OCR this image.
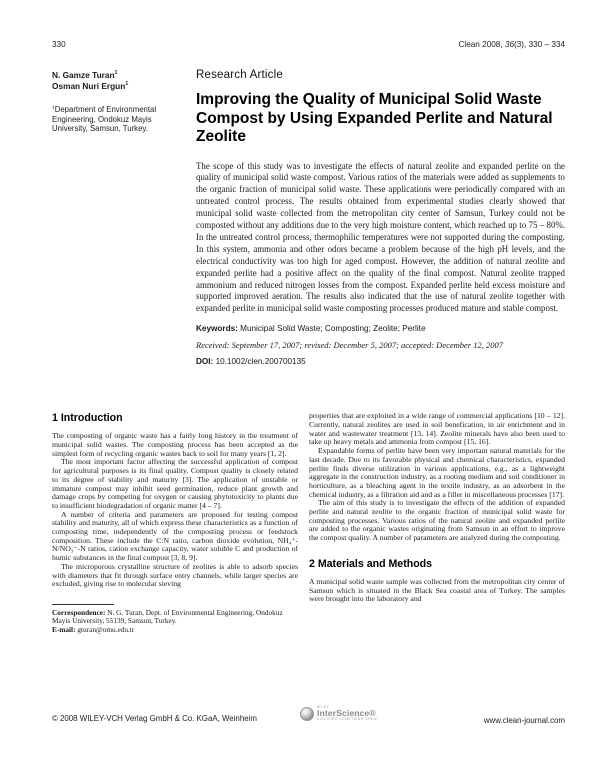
330	Clean 2008, 36(3), 330 – 334

N. Gamze Turan$^1$

Osman Nuri Ergun$^1$

$^1$Department of Environmental Engineering, Ondokuz Mayis University, Samsun, Turkey.

Research Article
Improving the Quality of Municipal Solid Waste Compost by Using Expanded Perlite and Natural Zeolite

The scope of this study was to investigate the effects of natural zeolite and expanded perlite on the quality of municipal solid waste compost. Various ratios of the materials were added as supplements to the organic fraction of municipal solid waste. These applications were periodically compared with an untreated control process. The results obtained from experimental studies clearly showed that municipal solid waste collected from the metropolitan city center of Samsun, Turkey could not be composted without any additions due to the very high moisture content, which reached up to 75 – 80%. In the untreated control process, thermophilic temperatures were not supported during the composting. In this system, ammonia and other odors became a problem because of the high pH levels, and the electrical conductivity was too high for aged compost. However, the addition of natural zeolite and expanded perlite had a positive affect on the quality of the final compost. Natural zeolite trapped ammonium and reduced nitrogen losses from the compost. Expanded perlite held excess moisture and supported improved aeration. The results also indicated that the use of natural zeolite together with expanded perlite in municipal solid waste composting processes produced mature and stable compost.

Keywords: Municipal Solid Waste; Composting; Zeolite; Perlite

Received: September 17, 2007; revised: December 5, 2007; accepted: December 12, 2007

DOI: 10.1002/clen.200700135

1 Introduction

The composting of organic waste has a fairly long history in the treatment of municipal solid wastes. The composting process has been accepted as the simplest form of recycling organic wastes back to soil for many years [1, 2].

The most important factor affecting the successful application of compost for agricultural purposes is its final quality. Compost quality is closely related to its degree of stability and maturity [3]. The application of unstable or immature compost may inhibit seed germination, reduce plant growth and damage crops by competing for oxygen or causing phytotoxicity to plants due to insufficient biodegradation of organic matter [4 – 7].

A number of criteria and parameters are proposed for testing compost stability and maturity, all of which express these characteristics as a function of composting time, independently of the composting process or feedstock composition. These include the C:N ratio, carbon dioxide evolution, NH₄⁺-N/NO₃⁻-N ratios, cation exchange capacity, water soluble C and production of humic substances in the final compost [3, 8, 9].

The microporous crystalline structure of zeolites is able to adsorb species with diameters that fit through surface entry channels, while larger species are excluded, giving rise to molecular sieving

Correspondence: N. G. Turan, Dept. of Environmental Engineering, Ondokuz Mayis University, 55139, Samsun, Turkey.

E-mail: gturan@omu.edu.tr

properties that are exploited in a wide range of commercial applications [10 – 12]. Currently, natural zeolites are used in soil benefication, in air enrichment and in water and wastewater treatment [13, 14]. Zeolite minerals have also been used to take up heavy metals and ammonia from compost [15, 16].

Expandable forms of perlite have been very important natural materials for the last decade. Due to its favorable physical and chemical characteristics, expanded perlite finds diverse utilization in various applications, e.g., as a lightweight aggregate in the construction industry, as a rooting medium and soil conditioner in horticulture, as a bleaching agent in the textile industry, as an adsorbent in the chemical industry, as a filtration aid and as a filler in miscellaneous processes [17].

The aim of this study is to investigate the effects of the addition of expanded perlite and natural zeolite to the organic fraction of municipal solid waste for composting processes. Various ratios of the natural zeolite and expanded perlite are added to the organic wastes originating from Samsun in an effort to improve the compost quality. A number of parameters are analyzed during the composting.

2 Materials and Methods

A municipal solid waste sample was collected from the metropolitan city center of Samsun which is situated in the Black Sea coastal area of Turkey. The samples were brought into the laboratory and

© 2008 WILEY-VCH Verlag GmbH & Co. KGaA, Weinheim
WILEY
InterScience®
DISCOVER SOMETHING GREAT	www.clean-journal.com
